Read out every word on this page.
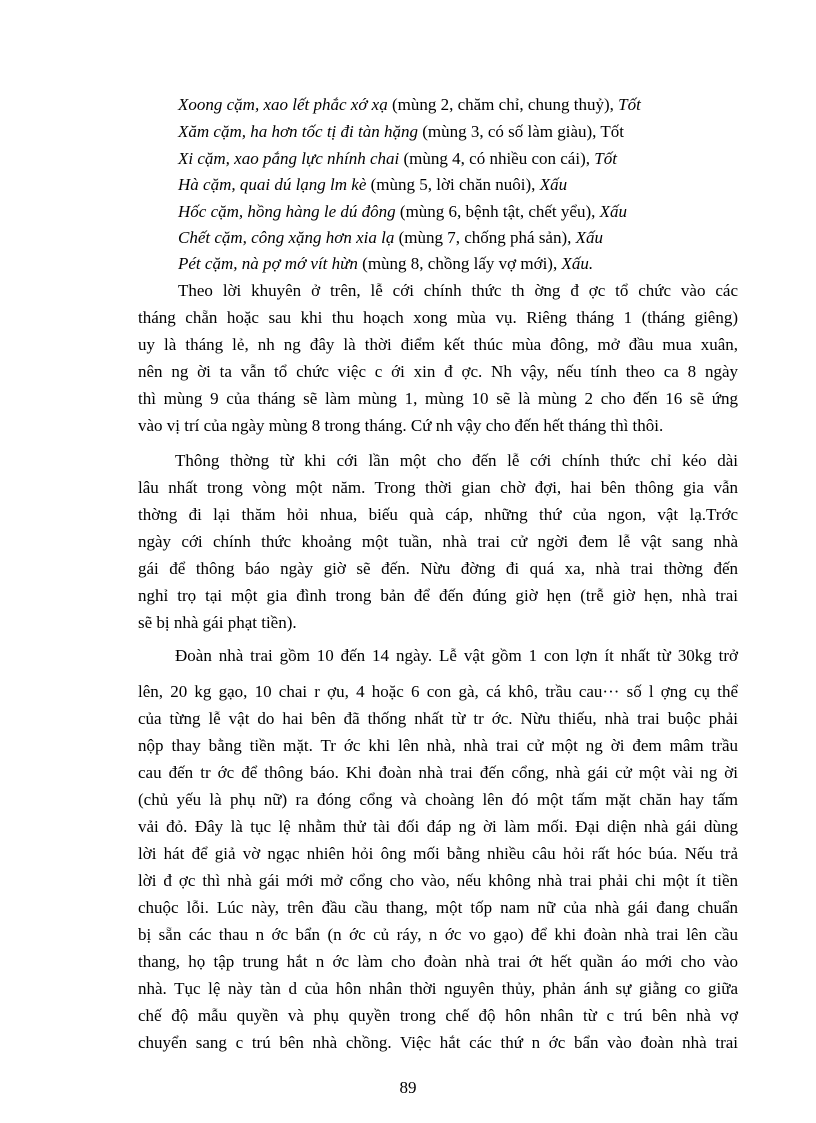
Xoong cặm, xao lết phắc xớ xạ (mùng 2, chăm chỉ, chung thuỷ), Tốt
Xăm cặm, ha hơn tốc tị đi tàn hặng (mùng 3, có số làm giàu), Tốt
Xi cặm, xao pắng lực nhính chai (mùng 4, có nhiều con cái), Tốt
Hà cặm, quai dú lạng lm kè (mùng 5, lời chăn nuôi), Xấu
Hốc cặm, hồng hàng le dú đông (mùng 6, bệnh tật, chết yểu), Xấu
Chết cặm, công xặng hơn xia lạ (mùng 7, chống phá sản), Xấu
Pét cặm, nà pợ mớ vít hừn (mùng 8, chồng lấy vợ mới), Xấu.
Theo lời khuyên ở trên, lễ cới chính thức th ờng đ ợc tổ chức vào các
tháng chẵn hoặc sau khi thu hoạch xong mùa vụ. Riêng tháng 1 (tháng giêng)
uy là tháng lẻ, nh ng đây là thời điểm kết thúc mùa đông, mở đầu mua xuân,
nên ng ời ta vẫn tổ chức việc c ới xin đ ợc. Nh vậy, nếu tính theo ca 8 ngày
thì mùng 9 của tháng sẽ làm mùng 1, mùng 10 sẽ là mùng 2 cho đến 16 sẽ ứng
vào vị trí của ngày mùng 8 trong tháng. Cứ nh vậy cho đến hết tháng thì thôi.
Thông thờng từ khi cới lần một cho đến lễ cới chính thức chỉ kéo dài
lâu nhất trong vòng một năm. Trong thời gian chờ đợi, hai bên thông gia vẫn
thờng đi lại thăm hỏi nhua, biếu quà cáp, những thứ của ngon, vật lạ.Trớc
ngày cới chính thức khoảng một tuần, nhà trai cử ngời đem lễ vật sang nhà
gái để thông báo ngày giờ sẽ đến. Nừu đờng đi quá xa, nhà trai thờng đến
nghỉ trọ tại một gia đình trong bản để đến đúng giờ hẹn (trễ giờ hẹn, nhà trai
sẽ bị nhà gái phạt tiền).
Đoàn nhà trai gồm 10 đến 14 ngày. Lễ vật gồm 1 con lợn ít nhất từ 30kg trở
lên, 20 kg gạo, 10 chai r ợu, 4 hoặc 6 con gà, cá khô, trầu cau··· số l ợng cụ thể
của từng lễ vật do hai bên đã thống nhất từ tr ớc. Nừu thiếu, nhà trai buộc phải
nộp thay bằng tiền mặt. Tr ớc khi lên nhà, nhà trai cử một ng ời đem mâm trầu
cau đến tr ớc để thông báo. Khi đoàn nhà trai đến cổng, nhà gái cử một vài ng ời
(chủ yếu là phụ nữ) ra đóng cổng và choàng lên đó một tấm mặt chăn hay tấm
vải đỏ. Đây là tục lệ nhằm thử tài đối đáp ng ời làm mối. Đại diện nhà gái dùng
lời hát để giả vờ ngạc nhiên hỏi ông mối bằng nhiều câu hỏi rất hóc búa. Nếu trả
lời đ ợc thì nhà gái mới mở cổng cho vào, nếu không nhà trai phải chi một ít tiền
chuộc lỗi. Lúc này, trên đầu cầu thang, một tốp nam nữ của nhà gái đang chuẩn
bị sẵn các thau n ớc bẩn (n ớc củ ráy, n ớc vo gạo) để khi đoàn nhà trai lên cầu
thang, họ tập trung hắt n ớc làm cho đoàn nhà trai ớt hết quần áo mới cho vào
nhà. Tục lệ này tàn d của hôn nhân thời nguyên thủy, phản ánh sự giằng co giữa
chế độ mẫu quyền và phụ quyền trong chế độ hôn nhân từ c trú bên nhà vợ
chuyển sang c trú bên nhà chồng. Việc hắt các thứ n ớc bẩn vào đoàn nhà trai
89
